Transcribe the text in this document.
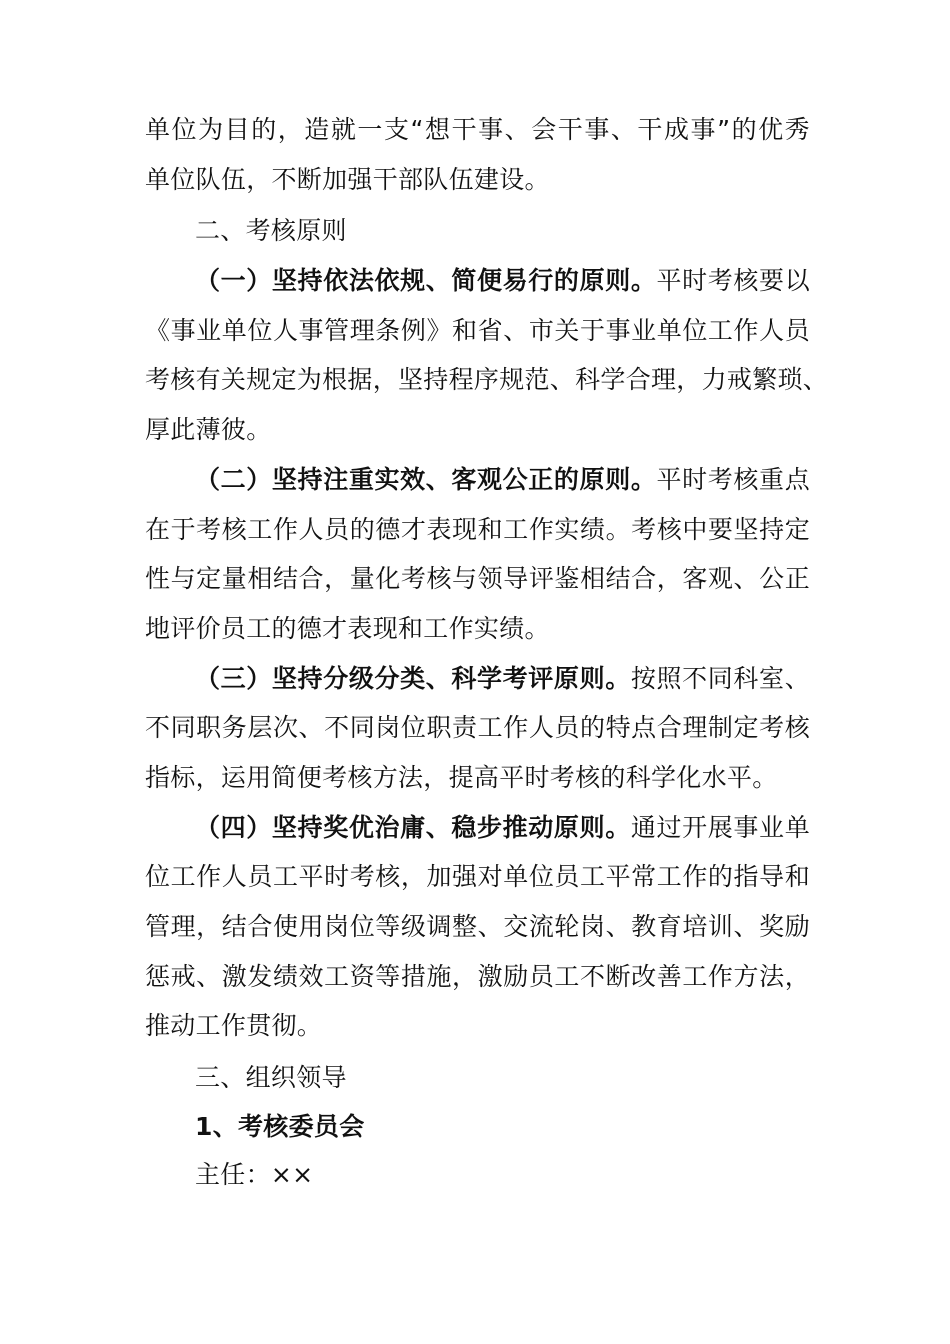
单位为目的，造就一支“想干事、会干事、干成事”的优秀
单位队伍，不断加强干部队伍建设。
二、考核原则
（一）坚持依法依规、简便易行的原则。平时考核要以
《事业单位人事管理条例》和省、市关于事业单位工作人员
考核有关规定为根据，坚持程序规范、科学合理，力戒繁琐、
厚此薄彼。
（二）坚持注重实效、客观公正的原则。平时考核重点
在于考核工作人员的德才表现和工作实绩。考核中要坚持定
性与定量相结合，量化考核与领导评鉴相结合，客观、公正
地评价员工的德才表现和工作实绩。
（三）坚持分级分类、科学考评原则。按照不同科室、
不同职务层次、不同岗位职责工作人员的特点合理制定考核
指标，运用简便考核方法，提高平时考核的科学化水平。
（四）坚持奖优治庸、稳步推动原则。通过开展事业单
位工作人员工平时考核，加强对单位员工平常工作的指导和
管理，结合使用岗位等级调整、交流轮岗、教育培训、奖励
惩戒、激发绩效工资等措施，激励员工不断改善工作方法，
推动工作贯彻。
三、组织领导
1、考核委员会
主任：××
